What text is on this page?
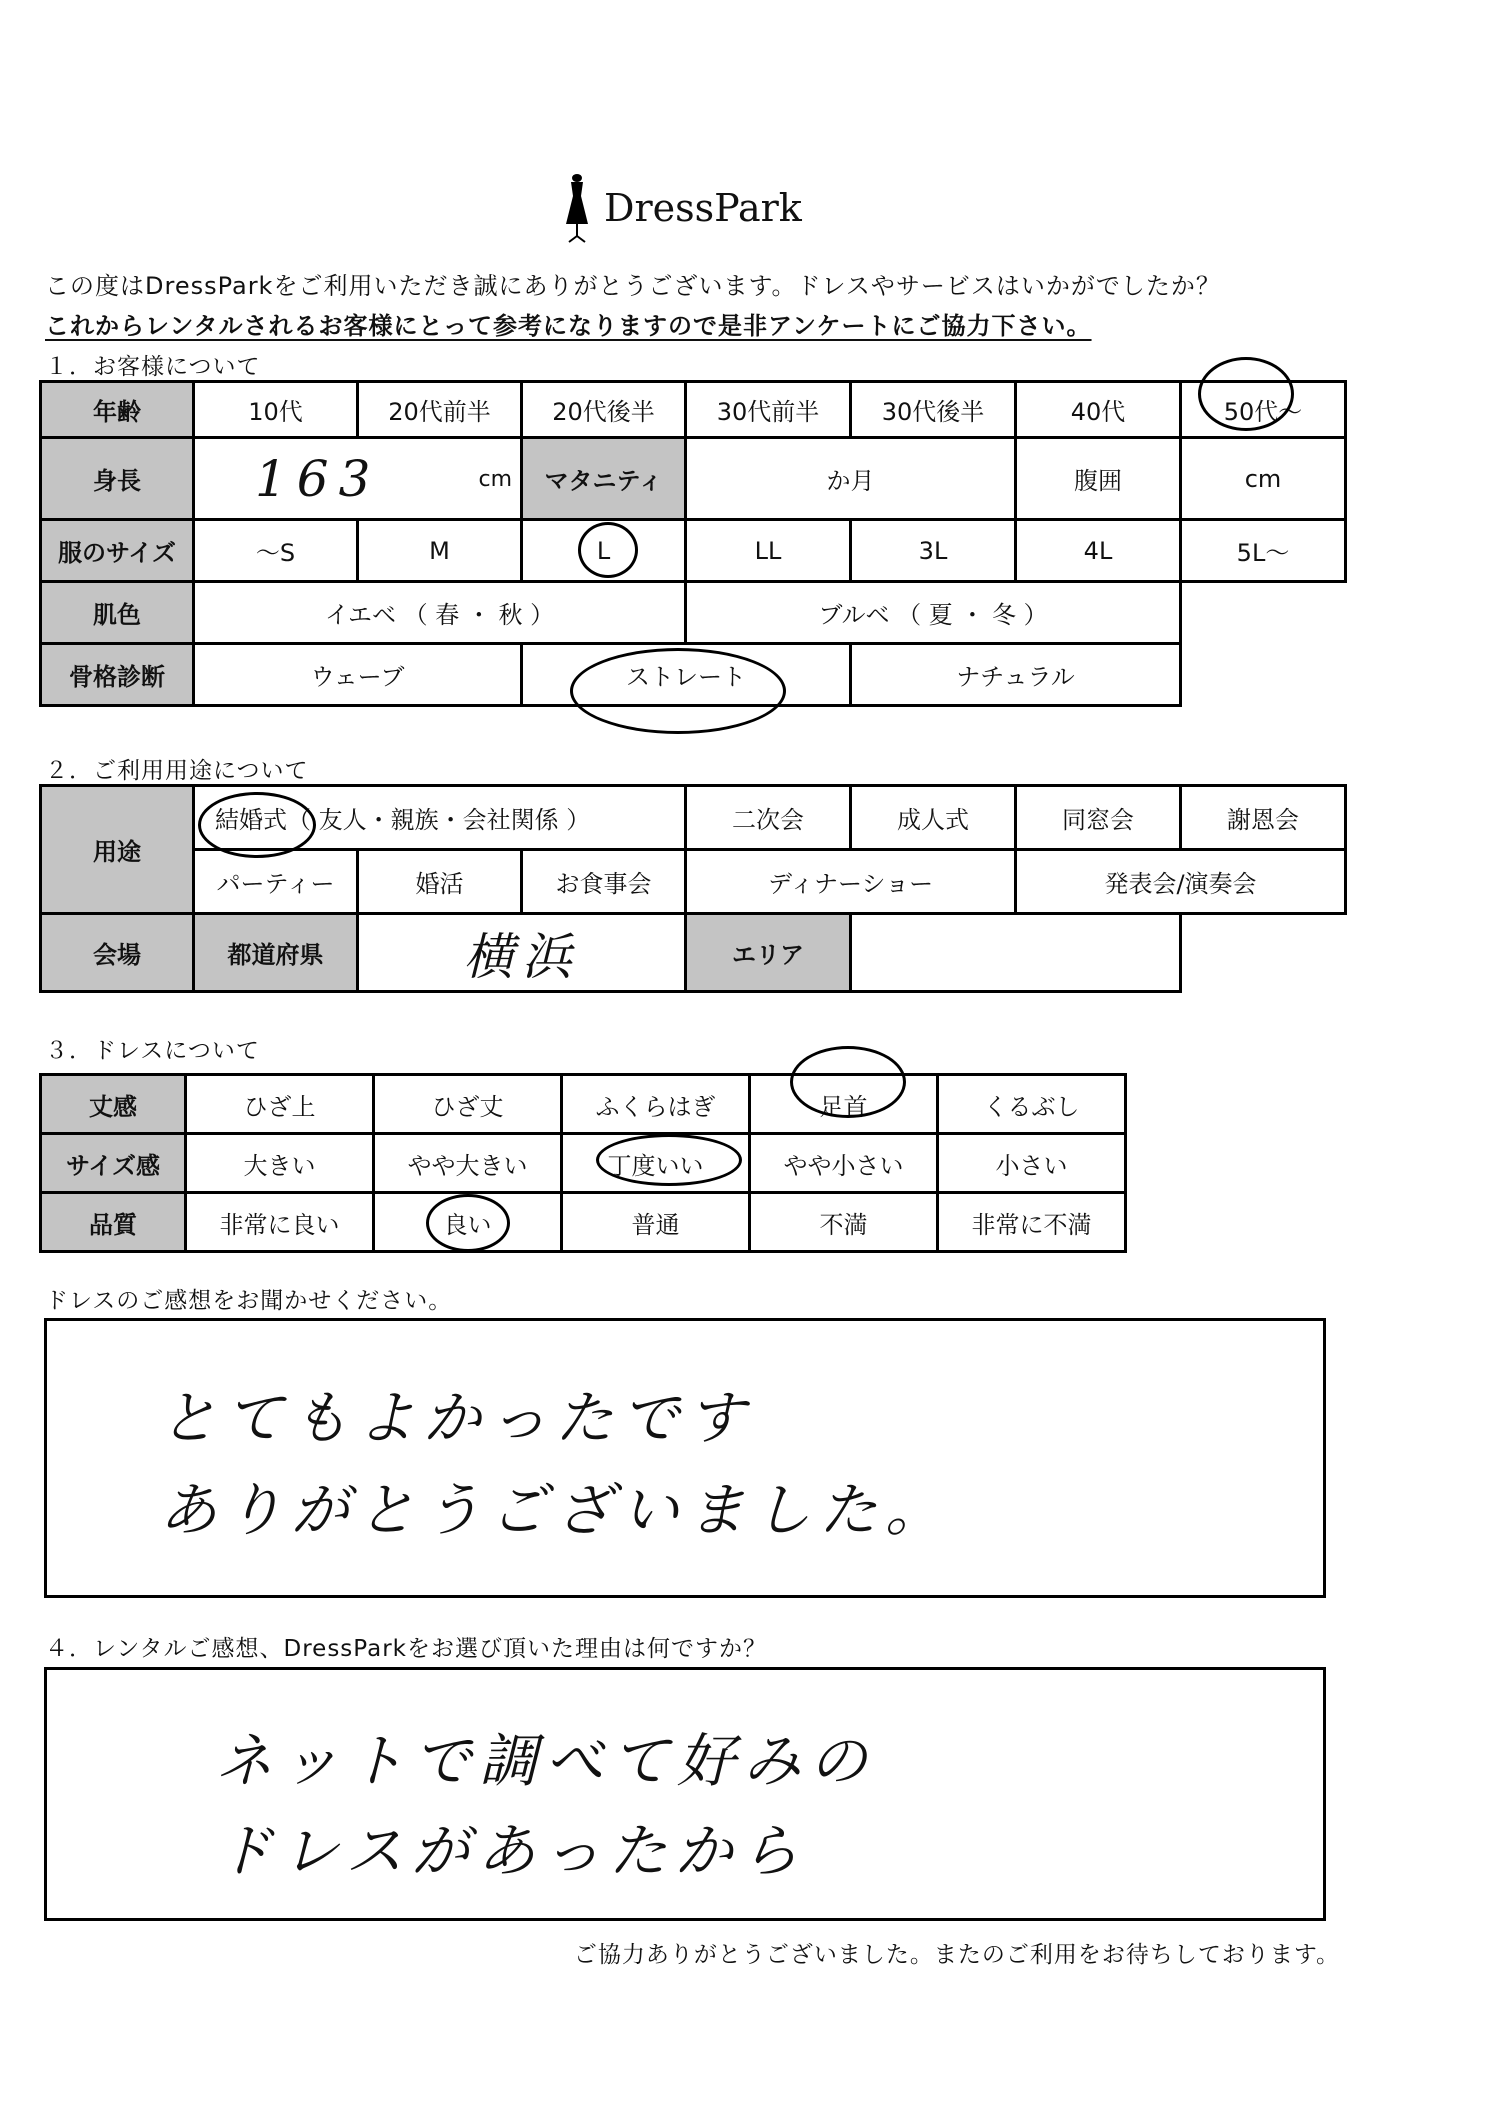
DressPark
この度はDressParkをご利用いただき誠にありがとうございます。ドレスやサービスはいかがでしたか？
これからレンタルされるお客様にとって参考になりますので是非アンケートにご協力下さい。
１．お客様について
年齢	10代	20代前半	20代後半	30代前半	30代後半	40代	50代～
身長	163 cm		マタニティ	か月		腹囲	cm
服のサイズ	～S	M	L	LL	3L	4L	5L～
肌色	イエベ （ 春 ・ 秋 ）			ブルベ （ 夏 ・ 冬 ）			
骨格診断	ウェーブ		ストレート		ナチュラル		
２．ご利用用途について
用途	結婚式（ 友人・親族・会社関係 ）			二次会	成人式	同窓会	謝恩会
	パーティー	婚活	お食事会	ディナーショー		発表会/演奏会	
会場	都道府県	横浜		エリア			
３．ドレスについて
丈感	ひざ上	ひざ丈	ふくらはぎ	足首	くるぶし
サイズ感	大きい	やや大きい	丁度いい	やや小さい	小さい
品質	非常に良い	良い	普通	不満	非常に不満
ドレスのご感想をお聞かせください。
とてもよかったです
ありがとうございました。
４．レンタルご感想、DressParkをお選び頂いた理由は何ですか？
ネットで調べて好みの
ドレスがあったから
ご協力ありがとうございました。またのご利用をお待ちしております。
